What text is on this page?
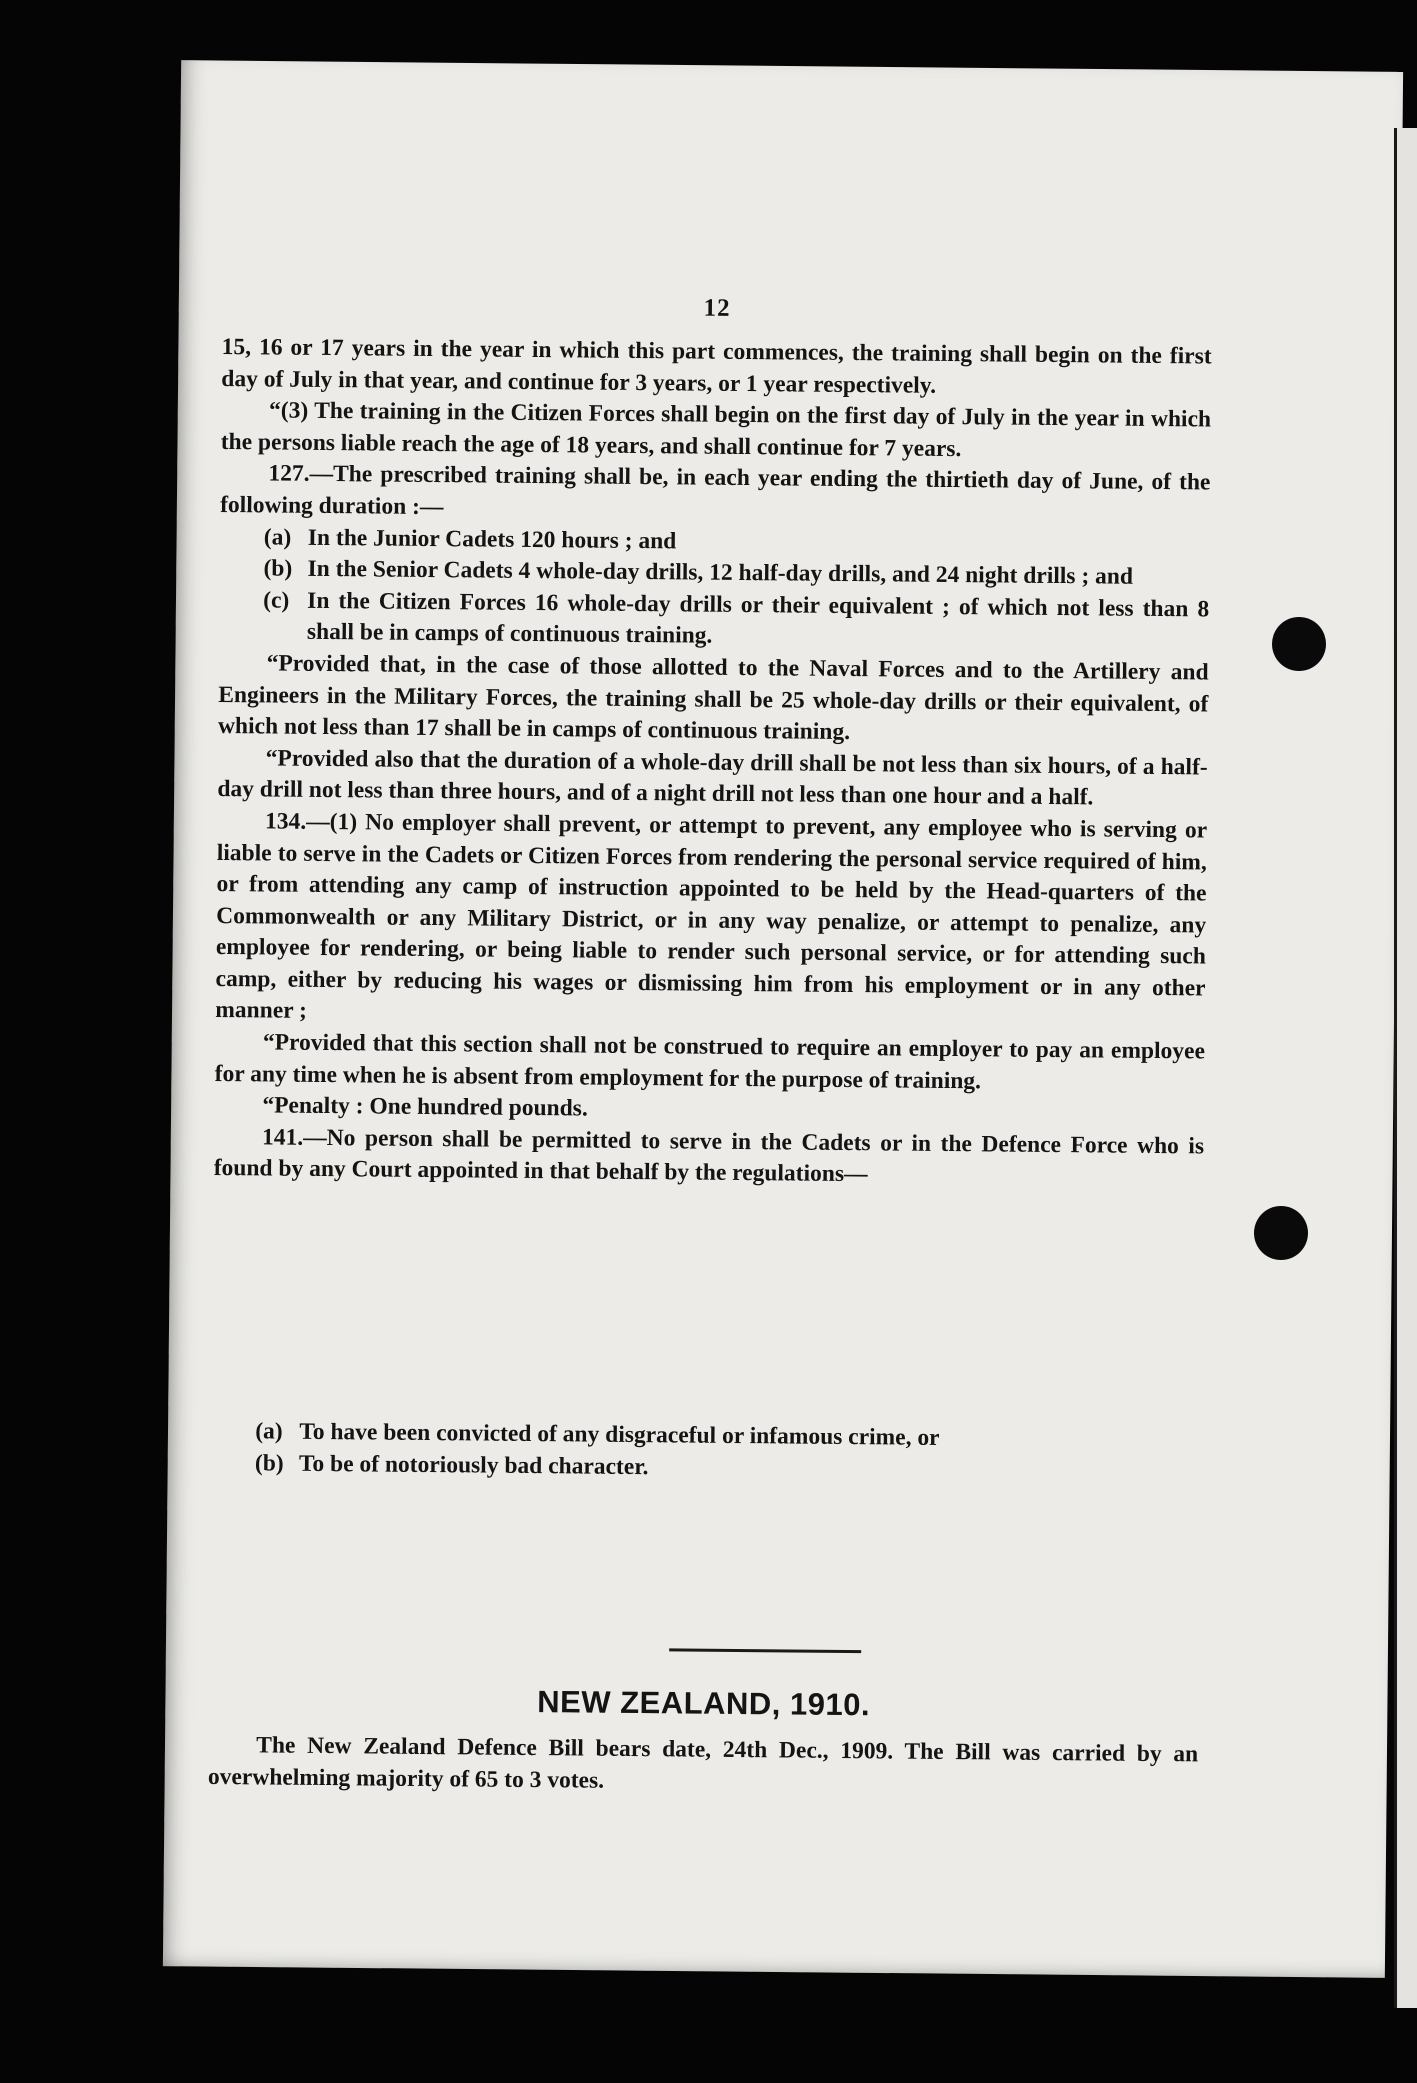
12

15, 16 or 17 years in the year in which this part commences, the training shall begin on the first day of July in that year, and continue for 3 years, or 1 year respectively.

“(3) The training in the Citizen Forces shall begin on the first day of July in the year in which the persons liable reach the age of 18 years, and shall continue for 7 years.

127.—The prescribed training shall be, in each year ending the thirtieth day of June, of the following duration :—

(a) In the Junior Cadets 120 hours ; and
(b) In the Senior Cadets 4 whole-day drills, 12 half-day drills, and 24 night drills ; and
(c) In the Citizen Forces 16 whole-day drills or their equivalent ; of which not less than 8 shall be in camps of continuous training.

“Provided that, in the case of those allotted to the Naval Forces and to the Artillery and Engineers in the Military Forces, the training shall be 25 whole-day drills or their equivalent, of which not less than 17 shall be in camps of continuous training.

“Provided also that the duration of a whole-day drill shall be not less than six hours, of a half-day drill not less than three hours, and of a night drill not less than one hour and a half.

134.—(1) No employer shall prevent, or attempt to prevent, any employee who is serving or liable to serve in the Cadets or Citizen Forces from rendering the personal service required of him, or from attending any camp of instruction appointed to be held by the Head-quarters of the Commonwealth or any Military District, or in any way penalize, or attempt to penalize, any employee for rendering, or being liable to render such personal service, or for attending such camp, either by reducing his wages or dismissing him from his employment or in any other manner ;

“Provided that this section shall not be construed to require an employer to pay an employee for any time when he is absent from employment for the purpose of training.

“Penalty : One hundred pounds.

141.—No person shall be permitted to serve in the Cadets or in the Defence Force who is found by any Court appointed in that behalf by the regulations—

(a) To have been convicted of any disgraceful or infamous crime, or
(b) To be of notoriously bad character.
NEW ZEALAND, 1910.

The New Zealand Defence Bill bears date, 24th Dec., 1909. The Bill was carried by an overwhelming majority of 65 to 3 votes.
